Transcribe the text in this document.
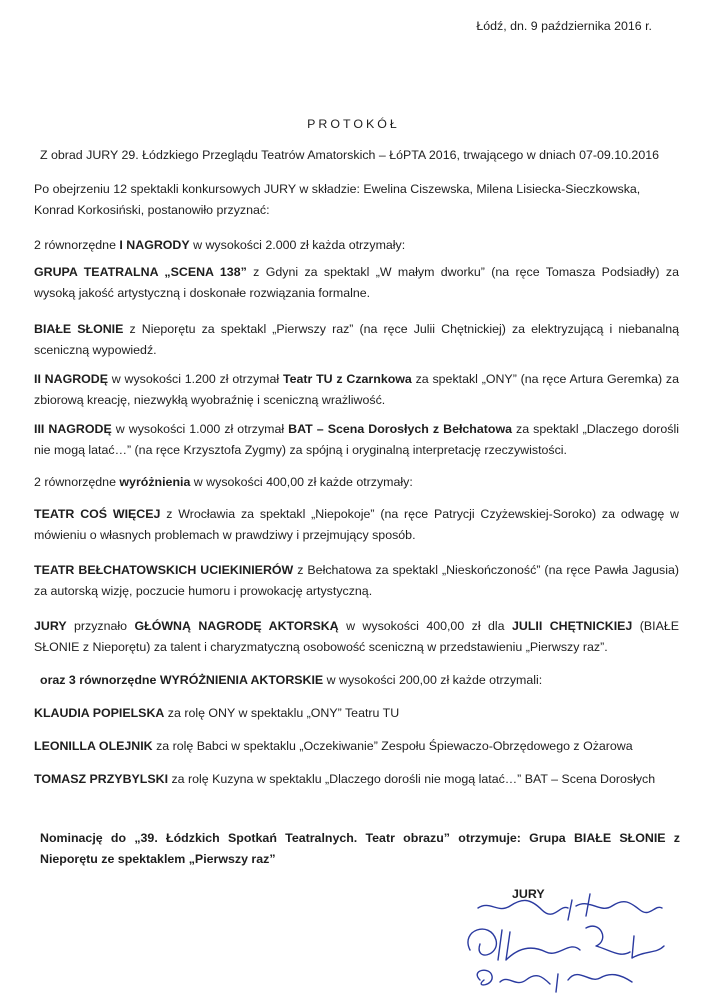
Łódź, dn. 9 października 2016 r.
PROTOKÓŁ
Z obrad JURY 29. Łódzkiego Przeglądu Teatrów Amatorskich – ŁóPTA 2016, trwającego w dniach 07-09.10.2016
Po obejrzeniu 12 spektakli konkursowych JURY w składzie: Ewelina Ciszewska, Milena Lisiecka-Sieczkowska, Konrad Korkosiński, postanowiło przyznać:
2 równorzędne I NAGRODY w wysokości 2.000 zł każda otrzymały:
GRUPA TEATRALNA „SCENA 138” z Gdyni za spektakl „W małym dworku” (na ręce Tomasza Podsiadły) za wysoką jakość artystyczną i doskonałe rozwiązania formalne.
BIAŁE SŁONIE z Nieporętu za spektakl „Pierwszy raz” (na ręce Julii Chętnickiej) za elektryzującą i niebanalną sceniczną wypowiedź.
II NAGRODĘ w wysokości 1.200 zł otrzymał Teatr TU z Czarnkowa za spektakl „ONY” (na ręce Artura Geremka) za zbiorową kreację, niezwykłą wyobraźnię i sceniczną wrażliwość.
III NAGRODĘ w wysokości 1.000 zł otrzymał BAT – Scena Dorosłych z Bełchatowa za spektakl „Dlaczego dorośli nie mogą latać…” (na ręce Krzysztofa Zygmy) za spójną i oryginalną interpretację rzeczywistości.
2 równorzędne wyróżnienia w wysokości 400,00 zł każde otrzymały:
TEATR COŚ WIĘCEJ z Wrocławia za spektakl „Niepokoje” (na ręce Patrycji Czyżewskiej-Soroko) za odwagę w mówieniu o własnych problemach w prawdziwy i przejmujący sposób.
TEATR BEŁCHATOWSKICH UCIEKINIERÓW z Bełchatowa za spektakl „Nieskończoność” (na ręce Pawła Jagusia) za autorską wizję, poczucie humoru i prowokację artystyczną.
JURY przyznało GŁÓWNĄ NAGRODĘ AKTORSKĄ w wysokości 400,00 zł dla JULII CHĘTNICKIEJ (BIAŁE SŁONIE z Nieporętu) za talent i charyzmatyczną osobowość sceniczną w przedstawieniu „Pierwszy raz”.
oraz 3 równorzędne WYRÓŻNIENIA AKTORSKIE w wysokości 200,00 zł każde otrzymali:
KLAUDIA POPIELSKA za rolę ONY w spektaklu „ONY” Teatru TU
LEONILLA OLEJNIK za rolę Babci w spektaklu „Oczekiwanie” Zespołu Śpiewaczo-Obrzędowego z Ożarowa
TOMASZ PRZYBYLSKI za rolę Kuzyna w spektaklu „Dlaczego dorośli nie mogą latać…” BAT – Scena Dorosłych
Nominację do „39. Łódzkich Spotkań Teatralnych. Teatr obrazu” otrzymuje: Grupa BIAŁE SŁONIE z Nieporętu ze spektaklem „Pierwszy raz”
JURY
